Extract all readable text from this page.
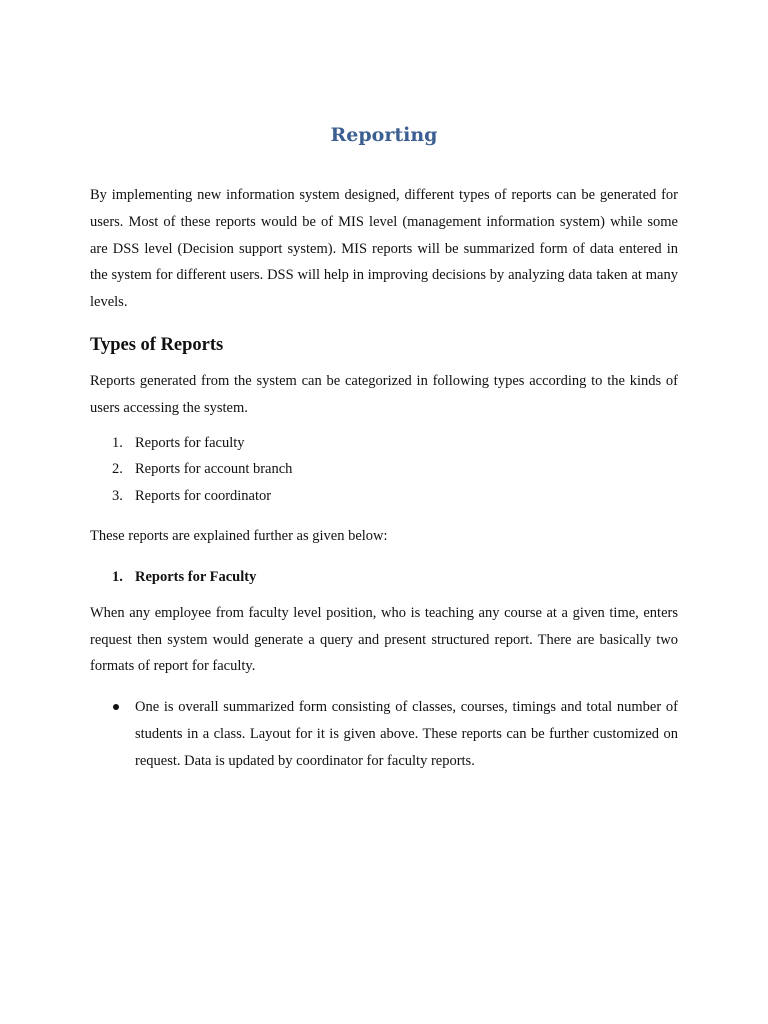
Reporting

By implementing new information system designed, different types of reports can be generated for users. Most of these reports would be of MIS level (management information system) while some are DSS level (Decision support system). MIS reports will be summarized form of data entered in the system for different users. DSS will help in improving decisions by analyzing data taken at many levels.

Types of Reports

Reports generated from the system can be categorized in following types according to the kinds of users accessing the system.

1. Reports for faculty
2. Reports for account branch
3. Reports for coordinator

These reports are explained further as given below:

1. Reports for Faculty

When any employee from faculty level position, who is teaching any course at a given time, enters request then system would generate a query and present structured report. There are basically two formats of report for faculty.

One is overall summarized form consisting of classes, courses, timings and total number of students in a class. Layout for it is given above. These reports can be further customized on request. Data is updated by coordinator for faculty reports.
